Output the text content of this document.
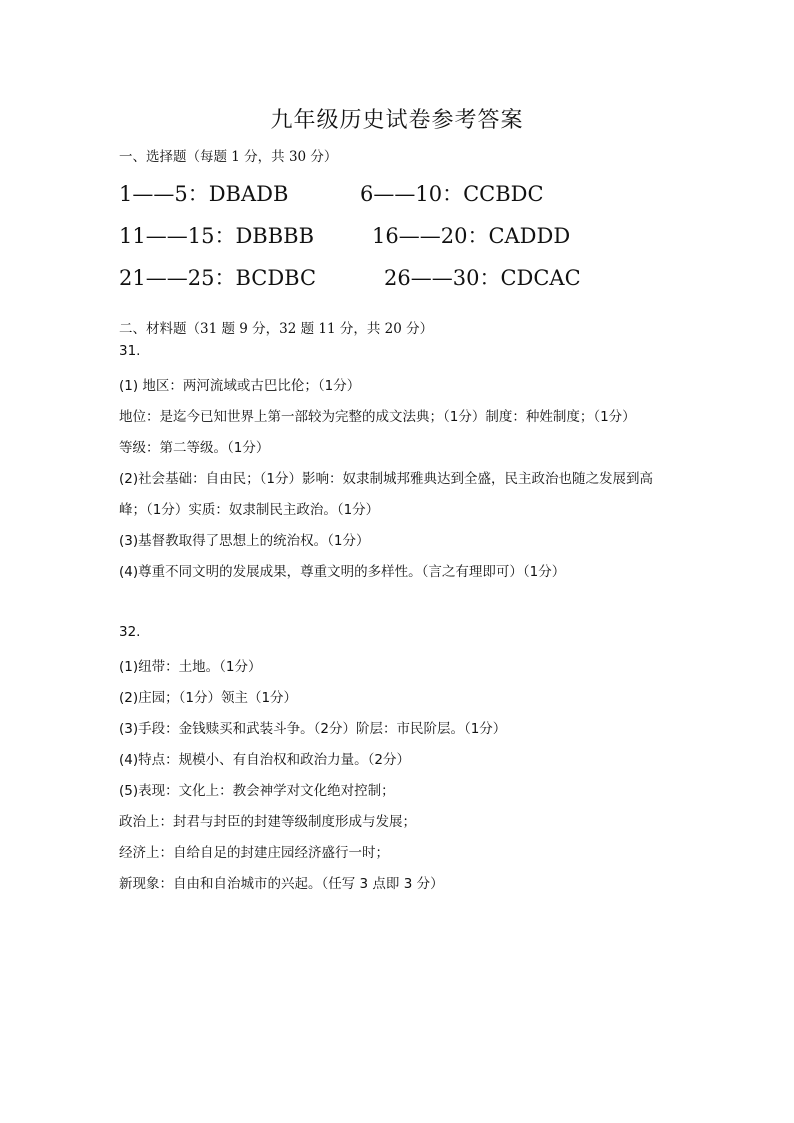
九年级历史试卷参考答案
一、选择题（每题 1 分，共 30 分）
1——5：DBADB	6——10：CCBDC
11——15：DBBBB	16——20：CADDD
21——25：BCDBC	26——30：CDCAC
二、材料题（31 题 9 分，32 题 11 分，共 20 分）
31.
(1) 地区：两河流域或古巴比伦；（1分）
地位：是迄今已知世界上第一部较为完整的成文法典；（1分）制度：种姓制度；（1分）
等级：第二等级。（1分）
(2)社会基础：自由民；（1分）影响：奴隶制城邦雅典达到全盛，民主政治也随之发展到高
峰；（1分）实质：奴隶制民主政治。（1分）
(3)基督教取得了思想上的统治权。（1分）
(4)尊重不同文明的发展成果，尊重文明的多样性。（言之有理即可）（1分）
32.
(1)纽带：土地。（1分）
(2)庄园；（1分）领主（1分）
(3)手段：金钱赎买和武装斗争。（2分）阶层：市民阶层。（1分）
(4)特点：规模小、有自治权和政治力量。（2分）
(5)表现：文化上：教会神学对文化绝对控制；
政治上：封君与封臣的封建等级制度形成与发展；
经济上：自给自足的封建庄园经济盛行一时；
新现象：自由和自治城市的兴起。（任写 3 点即 3 分）
